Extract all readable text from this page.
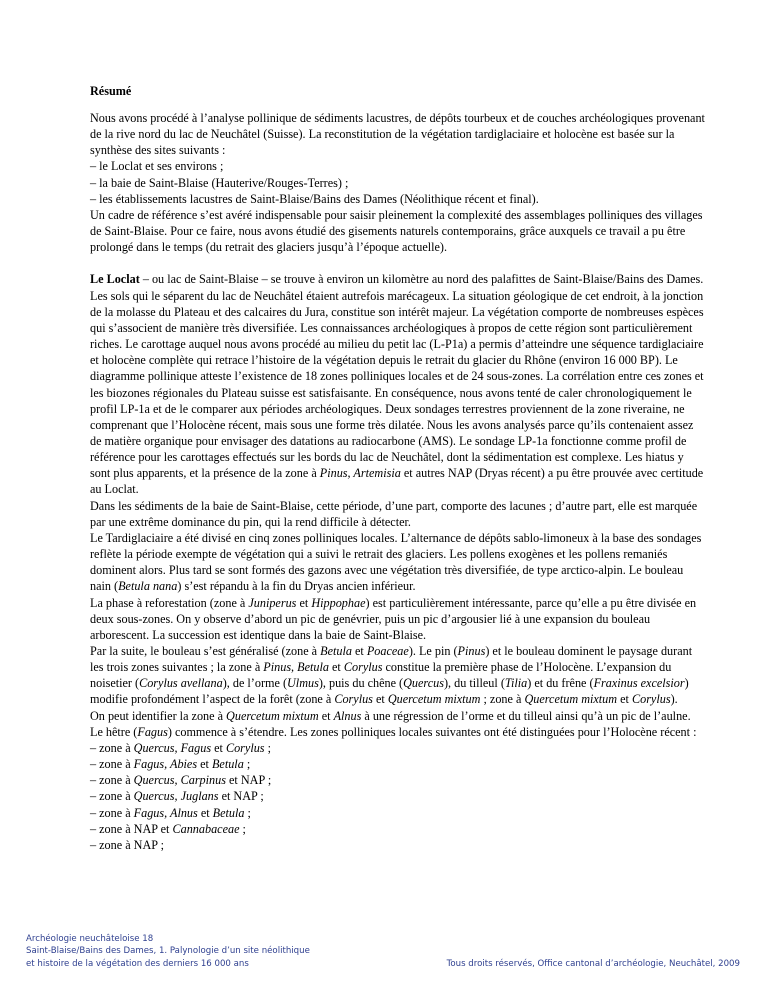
Résumé

Nous avons procédé à l’analyse pollinique de sédiments lacustres, de dépôts tourbeux et de couches archéologiques provenant de la rive nord du lac de Neuchâtel (Suisse). La reconstitution de la végétation tardiglaciaire et holocène est basée sur la synthèse des sites suivants :

– le Loclat et ses environs ;

– la baie de Saint-Blaise (Hauterive/Rouges-Terres) ;

– les établissements lacustres de Saint-Blaise/Bains des Dames (Néolithique récent et final).

Un cadre de référence s’est avéré indispensable pour saisir pleinement la complexité des assemblages polliniques des villages de Saint-Blaise. Pour ce faire, nous avons étudié des gisements naturels contemporains, grâce auxquels ce travail a pu être prolongé dans le temps (du retrait des glaciers jusqu’à l’époque actuelle).

Le Loclat – ou lac de Saint-Blaise – se trouve à environ un kilomètre au nord des palafittes de Saint-Blaise/Bains des Dames. Les sols qui le séparent du lac de Neuchâtel étaient autrefois marécageux. La situation géologique de cet endroit, à la jonction de la molasse du Plateau et des calcaires du Jura, constitue son intérêt majeur. La végétation comporte de nombreuses espèces qui s’associent de manière très diversifiée. Les connaissances archéologiques à propos de cette région sont particulièrement riches. Le carottage auquel nous avons procédé au milieu du petit lac (L-P1a) a permis d’atteindre une séquence tardiglaciaire et holocène complète qui retrace l’histoire de la végétation depuis le retrait du glacier du Rhône (environ 16 000 BP). Le diagramme pollinique atteste l’existence de 18 zones polliniques locales et de 24 sous-zones. La corrélation entre ces zones et les biozones régionales du Plateau suisse est satisfaisante. En conséquence, nous avons tenté de caler chronologiquement le profil LP-1a et de le comparer aux périodes archéologiques. Deux sondages terrestres proviennent de la zone riveraine, ne comprenant que l’Holocène récent, mais sous une forme très dilatée. Nous les avons analysés parce qu’ils contenaient assez de matière organique pour envisager des datations au radiocarbone (AMS). Le sondage LP-1a fonctionne comme profil de référence pour les carottages effectués sur les bords du lac de Neuchâtel, dont la sédimentation est complexe. Les hiatus y sont plus apparents, et la présence de la zone à Pinus, Artemisia et autres NAP (Dryas récent) a pu être prouvée avec certitude au Loclat.

Dans les sédiments de la baie de Saint-Blaise, cette période, d’une part, comporte des lacunes ; d’autre part, elle est marquée par une extrême dominance du pin, qui la rend difficile à détecter.

Le Tardiglaciaire a été divisé en cinq zones polliniques locales. L’alternance de dépôts sablo-limoneux à la base des sondages reflète la période exempte de végétation qui a suivi le retrait des glaciers. Les pollens exogènes et les pollens remaniés dominent alors. Plus tard se sont formés des gazons avec une végétation très diversifiée, de type arctico-alpin. Le bouleau nain (Betula nana) s’est répandu à la fin du Dryas ancien inférieur.

La phase à reforestation (zone à Juniperus et Hippophae) est particulièrement intéressante, parce qu’elle a pu être divisée en deux sous-zones. On y observe d’abord un pic de genévrier, puis un pic d’argousier lié à une expansion du bouleau arborescent. La succession est identique dans la baie de Saint-Blaise.

Par la suite, le bouleau s’est généralisé (zone à Betula et Poaceae). Le pin (Pinus) et le bouleau dominent le paysage durant les trois zones suivantes ; la zone à Pinus, Betula et Corylus constitue la première phase de l’Holocène. L’expansion du noisetier (Corylus avellana), de l’orme (Ulmus), puis du chêne (Quercus), du tilleul (Tilia) et du frêne (Fraxinus excelsior) modifie profondément l’aspect de la forêt (zone à Corylus et Quercetum mixtum ; zone à Quercetum mixtum et Corylus).

On peut identifier la zone à Quercetum mixtum et Alnus à une régression de l’orme et du tilleul ainsi qu’à un pic de l’aulne. Le hêtre (Fagus) commence à s’étendre. Les zones polliniques locales suivantes ont été distinguées pour l’Holocène récent :

– zone à Quercus, Fagus et Corylus ;

– zone à Fagus, Abies et Betula ;

– zone à Quercus, Carpinus et NAP ;

– zone à Quercus, Juglans et NAP ;

– zone à Fagus, Alnus et Betula ;

– zone à NAP et Cannabaceae ;

– zone à NAP ;

Archéologie neuchâteloise 18
Saint-Blaise/Bains des Dames, 1. Palynologie d’un site néolithique
et histoire de la végétation des derniers 16 000 ans	Tous droits réservés, Office cantonal d’archéologie, Neuchâtel, 2009
